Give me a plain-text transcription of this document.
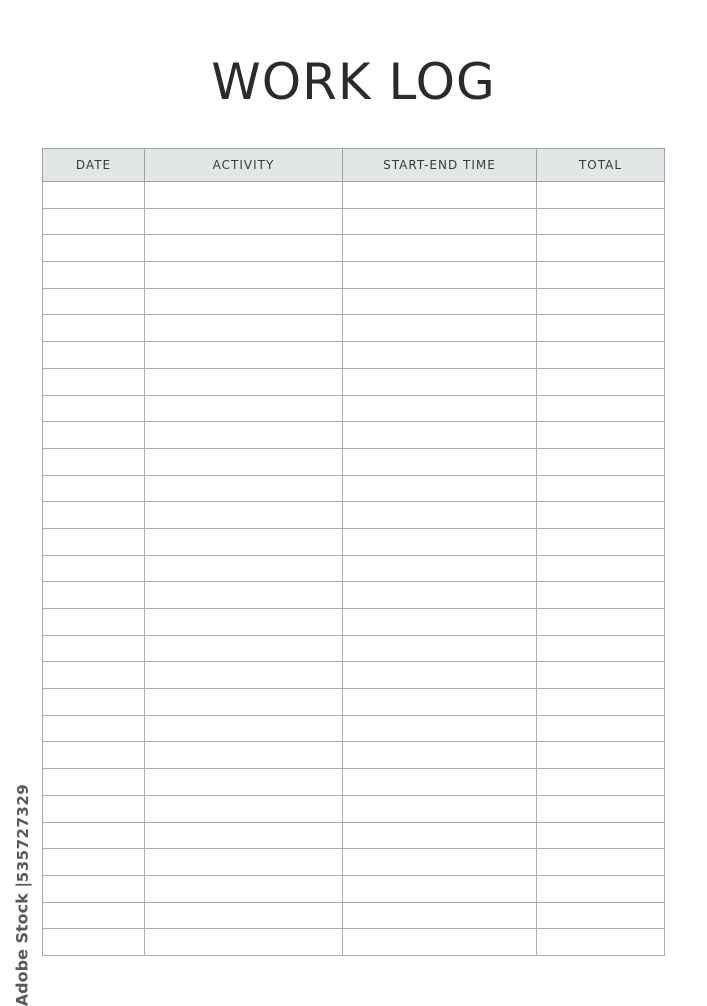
WORK LOG
DATE	ACTIVITY	START-END TIME	TOTAL

535727329
Adobe Stock |
